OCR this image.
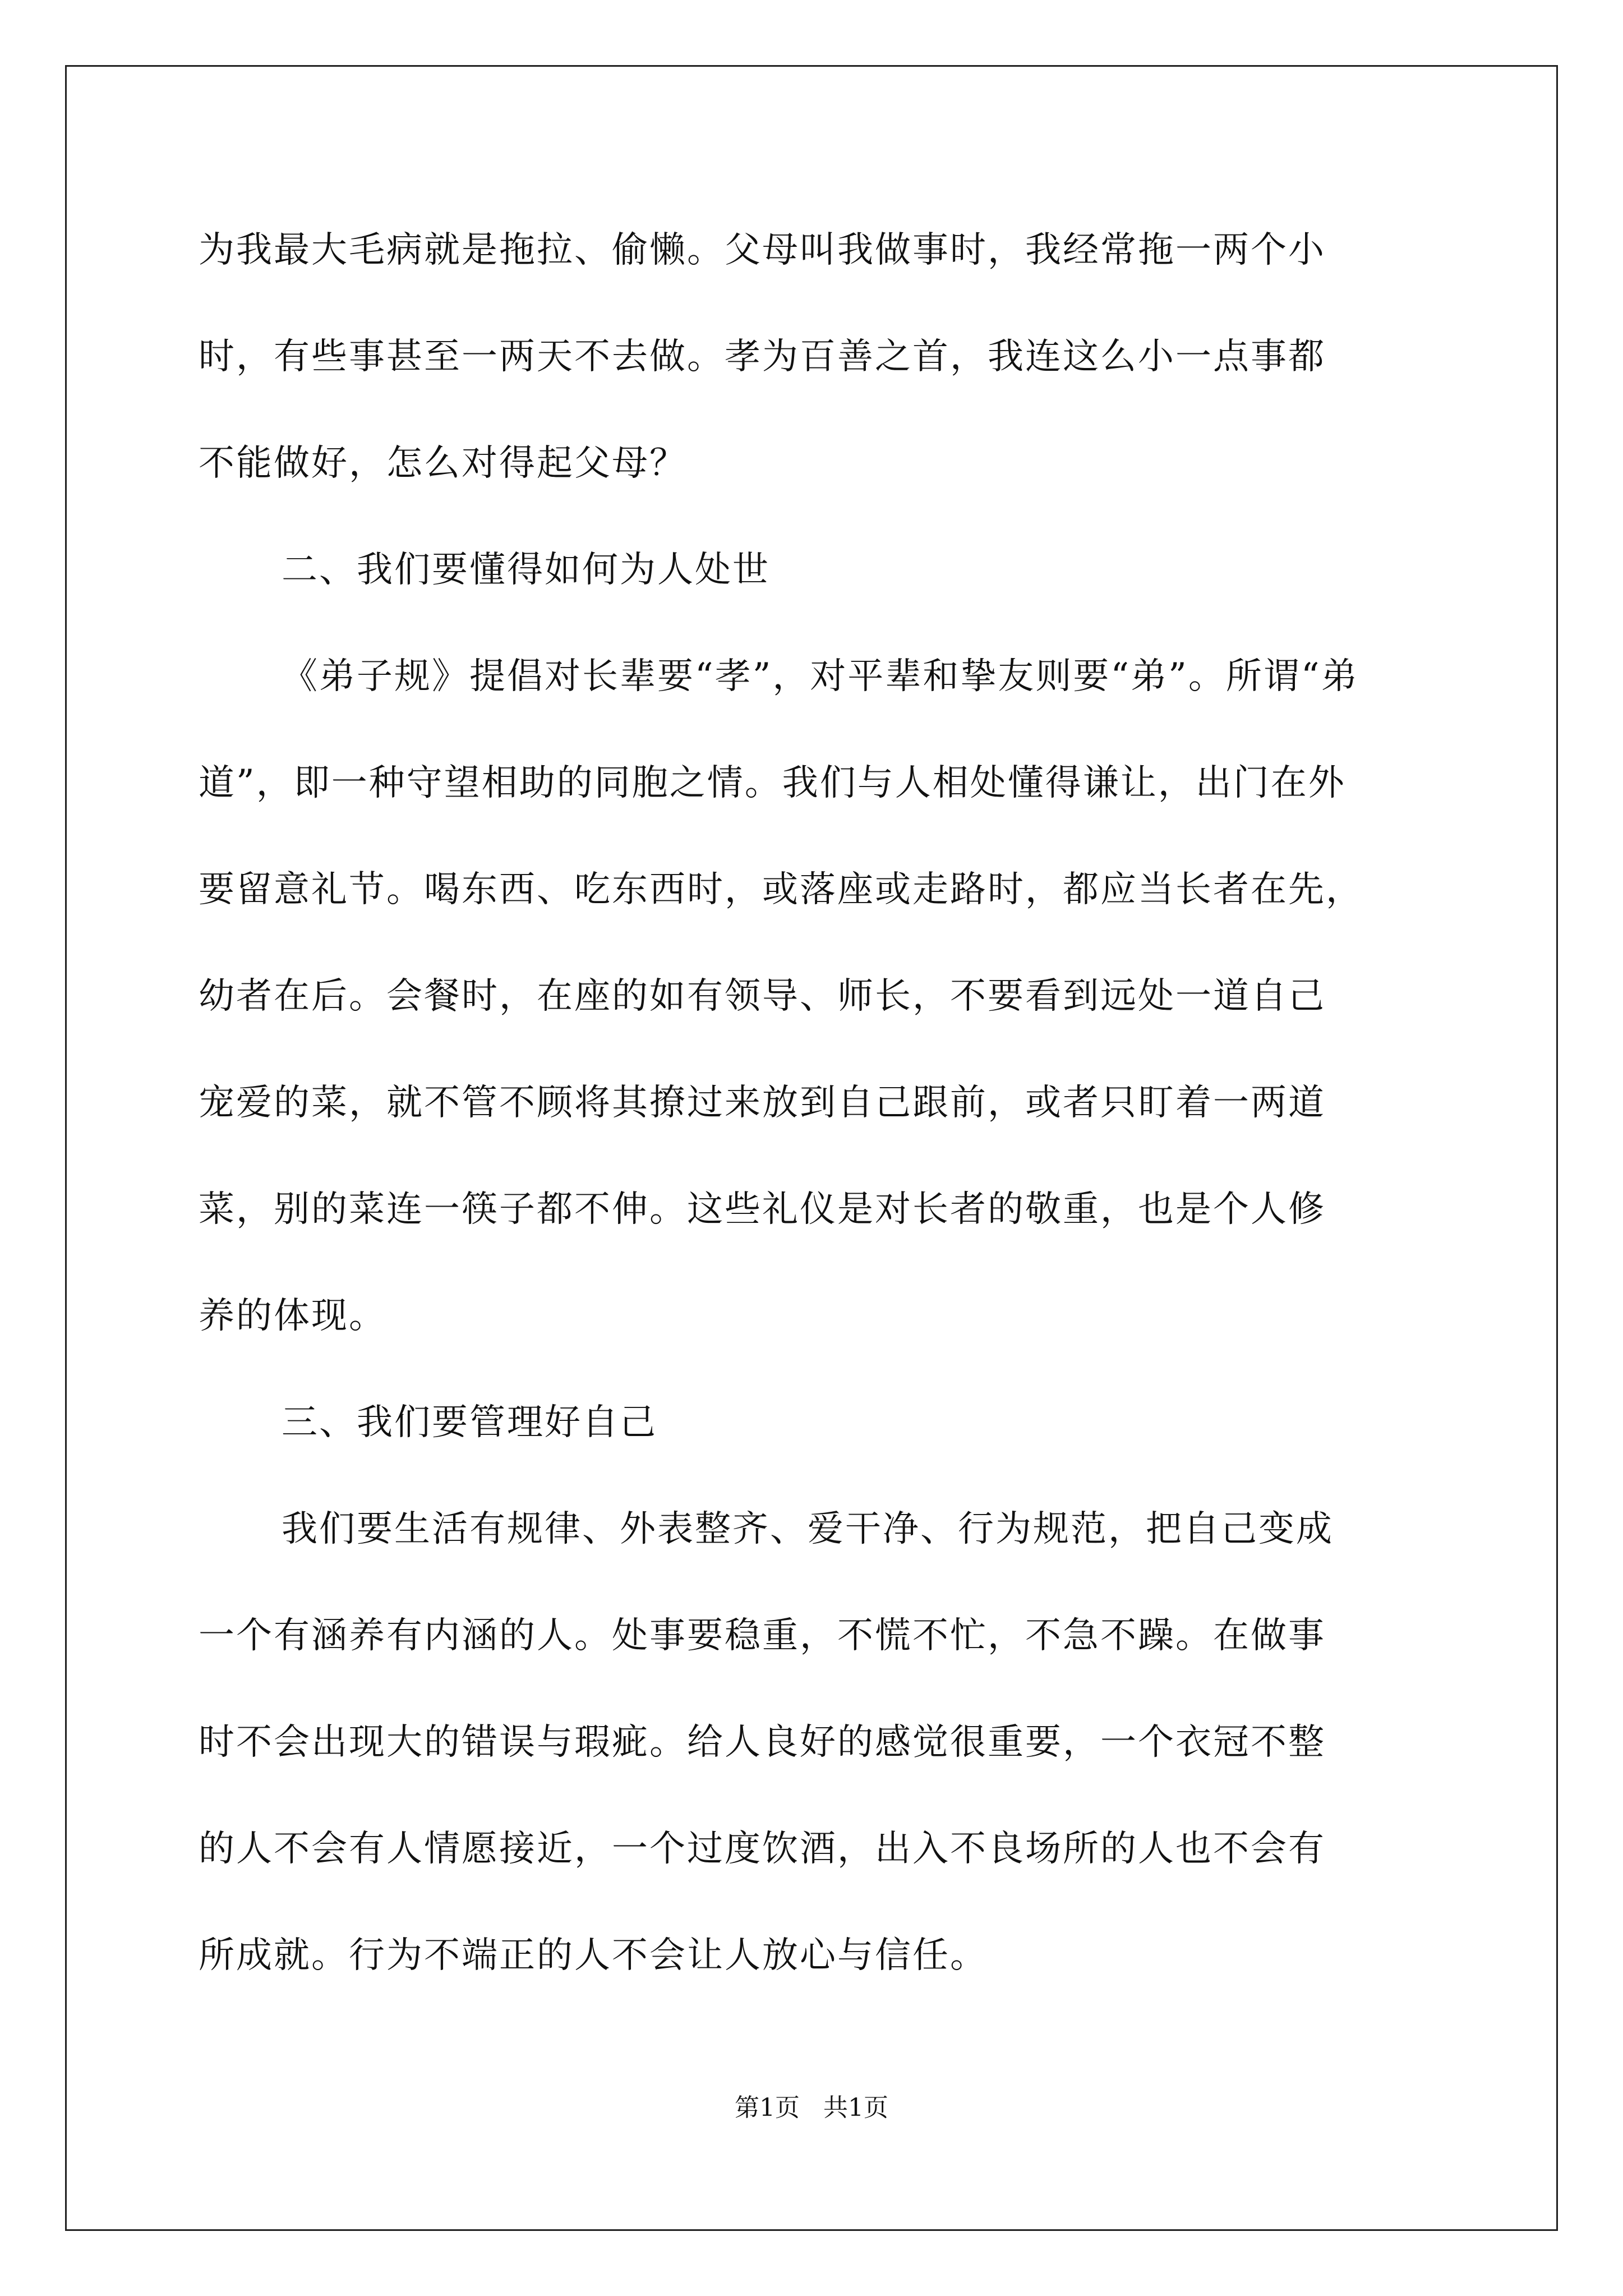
为我最大毛病就是拖拉、偷懒。父母叫我做事时，我经常拖一两个小
时，有些事甚至一两天不去做。孝为百善之首，我连这么小一点事都
不能做好，怎么对得起父母？
二、我们要懂得如何为人处世
《弟子规》提倡对长辈要“孝”，对平辈和挚友则要“弟”。所谓“弟
道”，即一种守望相助的同胞之情。我们与人相处懂得谦让，出门在外
要留意礼节。喝东西、吃东西时，或落座或走路时，都应当长者在先，
幼者在后。会餐时，在座的如有领导、师长，不要看到远处一道自己
宠爱的菜，就不管不顾将其撩过来放到自己跟前，或者只盯着一两道
菜，别的菜连一筷子都不伸。这些礼仪是对长者的敬重，也是个人修
养的体现。
三、我们要管理好自己
我们要生活有规律、外表整齐、爱干净、行为规范，把自己变成
一个有涵养有内涵的人。处事要稳重，不慌不忙，不急不躁。在做事
时不会出现大的错误与瑕疵。给人良好的感觉很重要，一个衣冠不整
的人不会有人情愿接近，一个过度饮酒，出入不良场所的人也不会有
所成就。行为不端正的人不会让人放心与信任。
第1页   共1页
